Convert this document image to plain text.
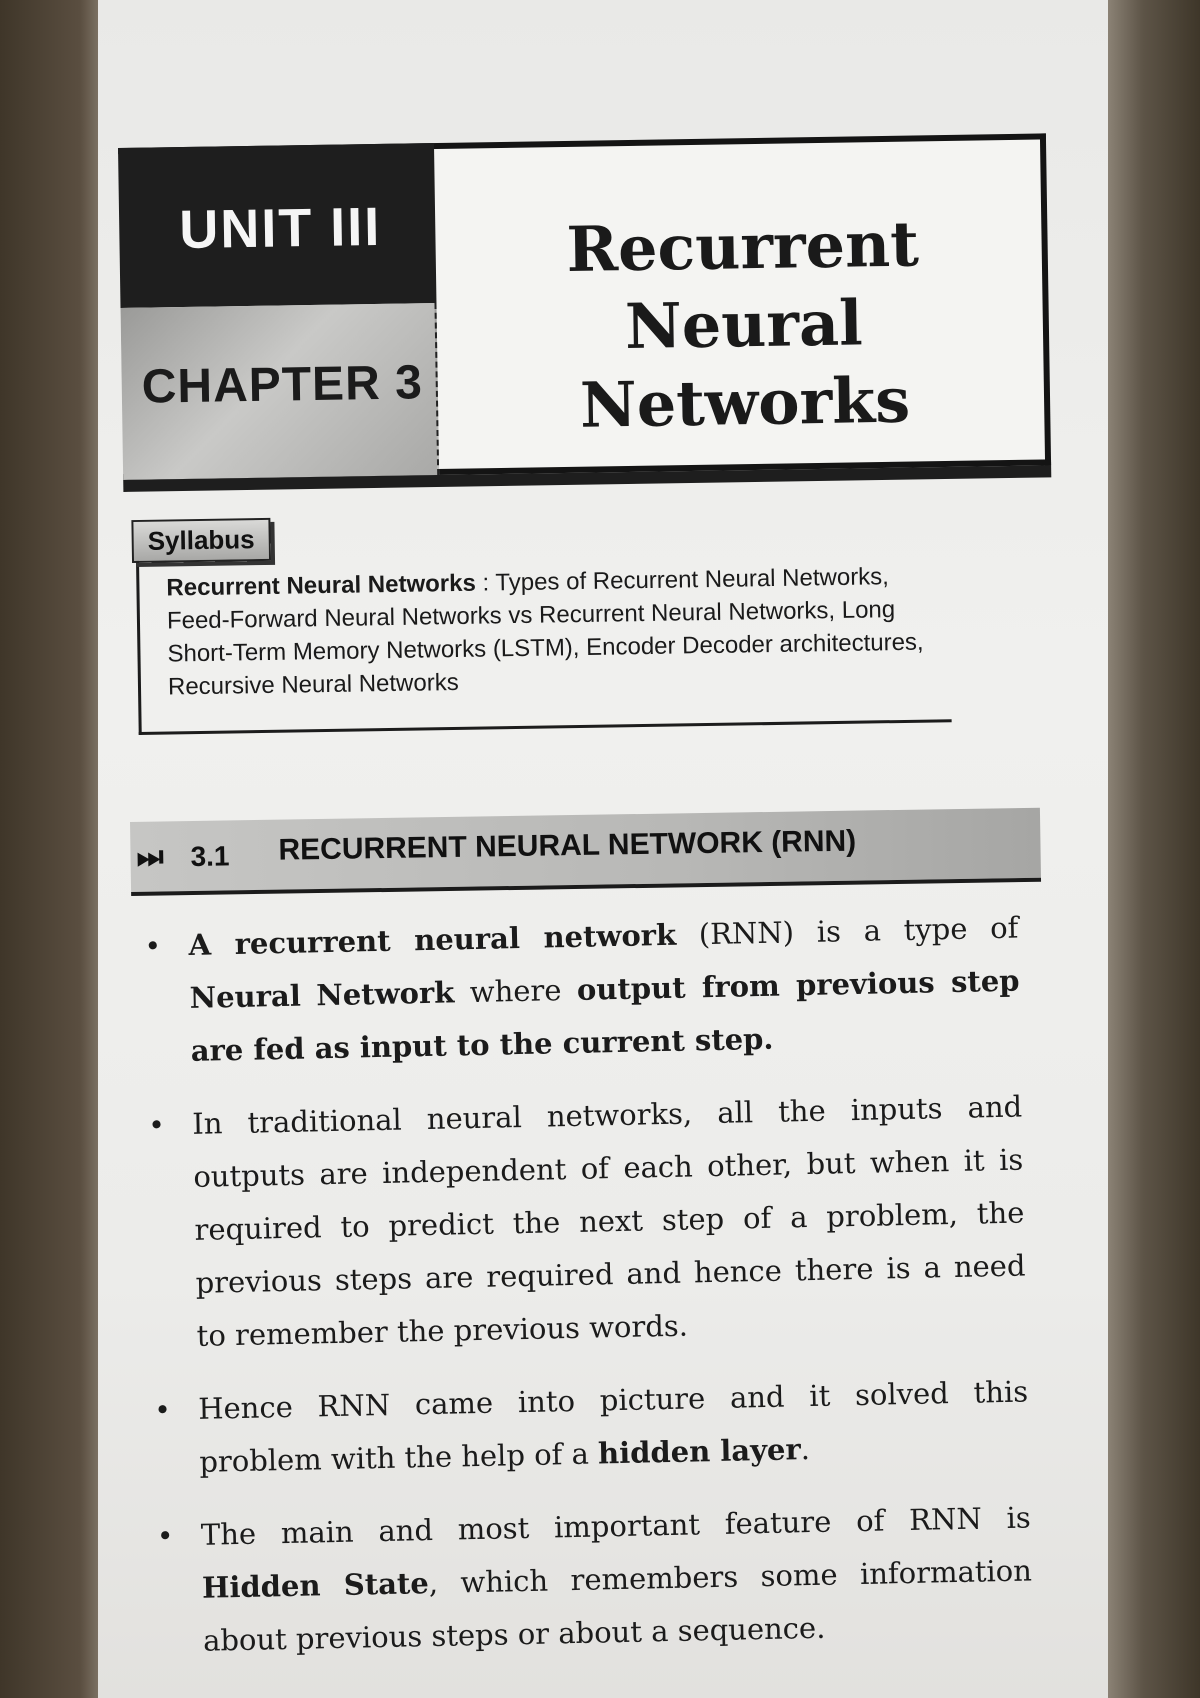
UNIT III
CHAPTER 3
Recurrent Neural
Networks
Syllabus
Recurrent Neural Networks : Types of Recurrent Neural Networks, Feed-Forward Neural Networks vs Recurrent Neural Networks, Long Short-Term Memory Networks (LSTM), Encoder Decoder architectures, Recursive Neural Networks
⏭ 3.1 RECURRENT NEURAL NETWORK (RNN)
• A recurrent neural network (RNN) is a type of Neural Network where output from previous step are fed as input to the current step.
• In traditional neural networks, all the inputs and outputs are independent of each other, but when it is required to predict the next step of a problem, the previous steps are required and hence there is a need to remember the previous words.
• Hence RNN came into picture and it solved this problem with the help of a hidden layer.
• The main and most important feature of RNN is Hidden State, which remembers some information about previous steps or about a sequence.
